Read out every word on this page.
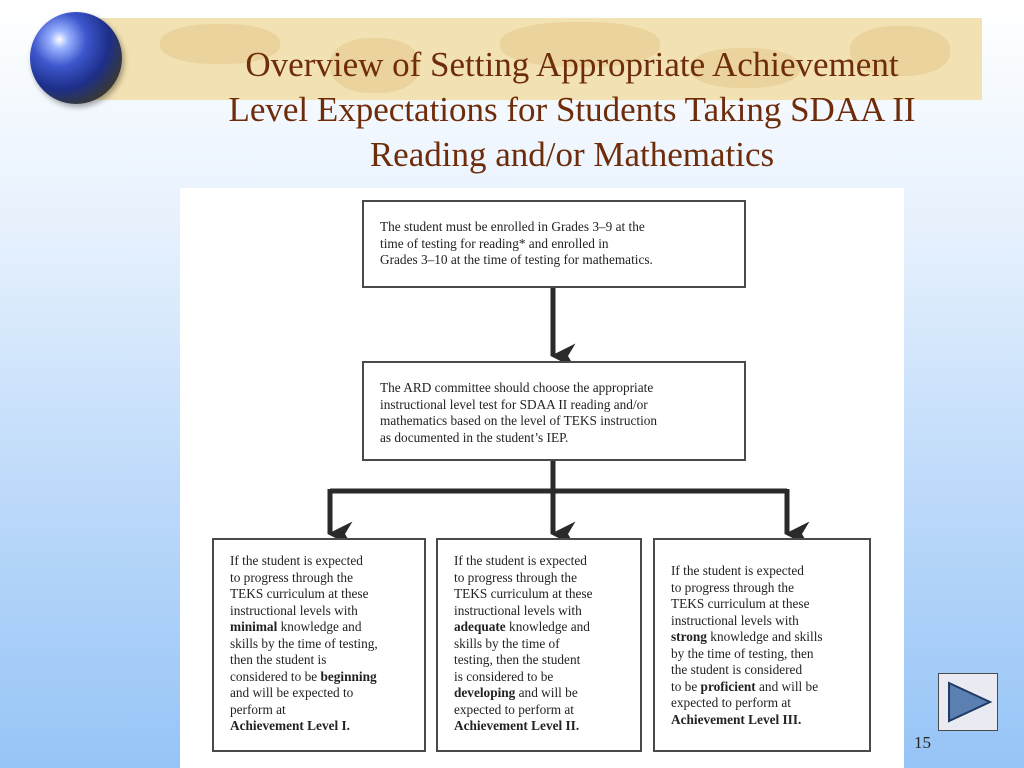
Overview of Setting Appropriate Achievement
Level Expectations for Students Taking SDAA II
Reading and/or Mathematics

The student must be enrolled in Grades 3–9 at the
time of testing for reading* and enrolled in
Grades 3–10 at the time of testing for mathematics.

The ARD committee should choose the appropriate
instructional level test for SDAA II reading and/or
mathematics based on the level of TEKS instruction
as documented in the student’s IEP.

If the student is expected
to progress through the
TEKS curriculum at these
instructional levels with
minimal knowledge and
skills by the time of testing,
then the student is
considered to be beginning
and will be expected to
perform at
Achievement Level I.

If the student is expected
to progress through the
TEKS curriculum at these
instructional levels with
adequate knowledge and
skills by the time of
testing, then the student
is considered to be
developing and will be
expected to perform at
Achievement Level II.

If the student is expected
to progress through the
TEKS curriculum at these
instructional levels with
strong knowledge and skills
by the time of testing, then
the student is considered
to be proficient and will be
expected to perform at
Achievement Level III.

15
